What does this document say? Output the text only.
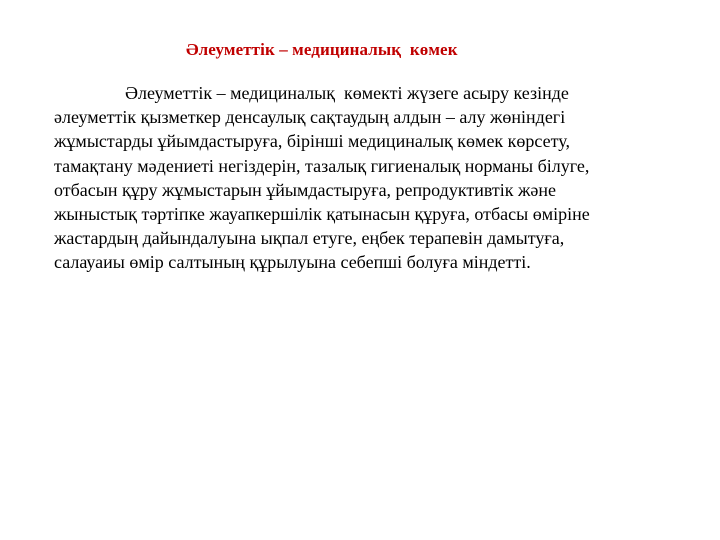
Әлеуметтік – медициналық  көмек
Әлеуметтік – медициналық  көмекті жүзеге асыру кезінде
әлеуметтік қызметкер денсаулық сақтаудың алдын – алу жөніндегі
жұмыстарды ұйымдастыруға, бірінші медициналық көмек көрсету,
тамақтану мәдениеті негіздерін, тазалық гигиеналық норманы білуге,
отбасын құру жұмыстарын ұйымдастыруға, репродуктивтік және
жыныстық тәртіпке жауапкершілік қатынасын құруға, отбасы өміріне
жастардың дайындалуына ықпал етуге, еңбек терапевін дамытуға,
салауаиы өмір салтының құрылуына себепші болуға міндетті.
